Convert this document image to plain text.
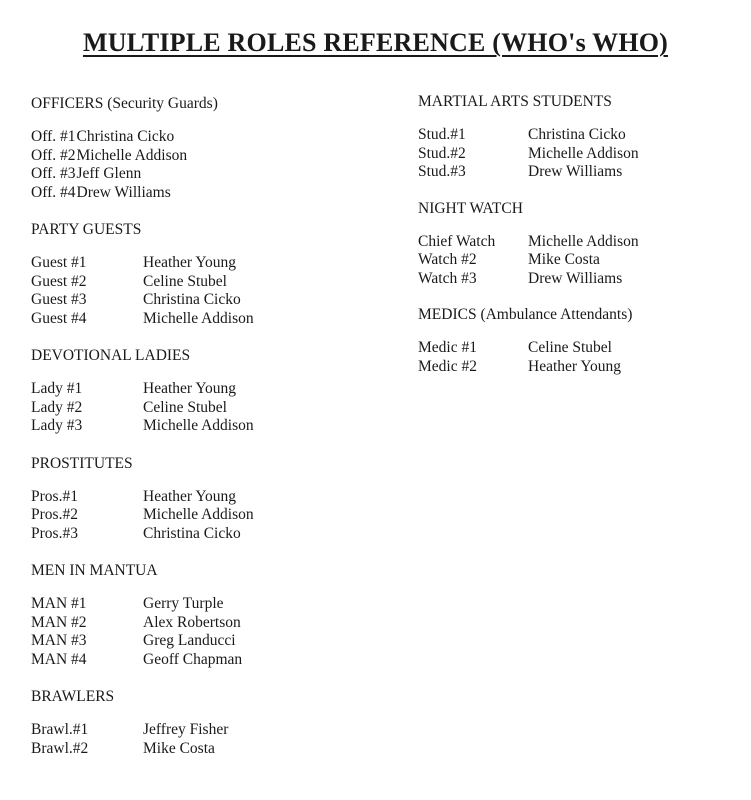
MULTIPLE ROLES REFERENCE (WHO's WHO)
OFFICERS (Security Guards)
Off. #1 Christina Cicko
Off. #2 Michelle Addison
Off. #3 Jeff Glenn
Off. #4 Drew Williams
PARTY GUESTS
Guest #1	Heather Young
Guest #2	Celine Stubel
Guest #3	Christina Cicko
Guest #4	Michelle Addison
DEVOTIONAL LADIES
Lady #1	Heather Young
Lady #2	Celine Stubel
Lady #3	Michelle Addison
PROSTITUTES
Pros.#1	Heather Young
Pros.#2	Michelle Addison
Pros.#3	Christina Cicko
MEN IN MANTUA
MAN #1	Gerry Turple
MAN #2	Alex Robertson
MAN #3	Greg Landucci
MAN #4	Geoff Chapman
BRAWLERS
Brawl.#1	Jeffrey Fisher
Brawl.#2	Mike Costa
MARTIAL ARTS STUDENTS
Stud.#1	Christina Cicko
Stud.#2	Michelle Addison
Stud.#3	Drew Williams
NIGHT WATCH
Chief Watch	Michelle Addison
Watch #2	Mike Costa
Watch #3	Drew Williams
MEDICS (Ambulance Attendants)
Medic #1	Celine Stubel
Medic #2	Heather Young
